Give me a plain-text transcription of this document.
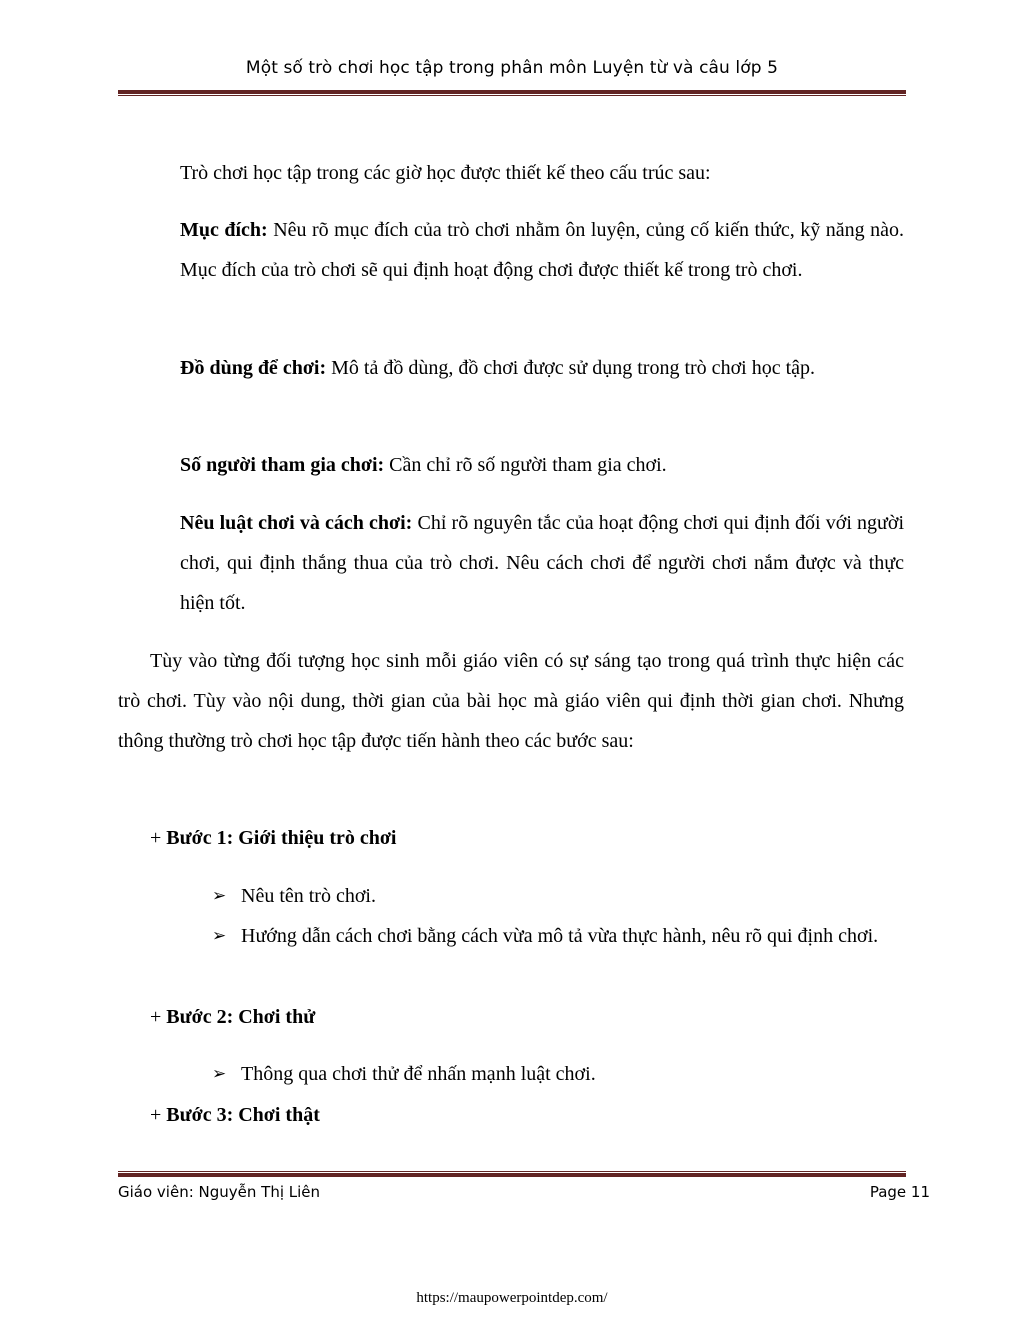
Một số trò chơi học tập trong phân môn Luyện từ và câu lớp 5

Trò chơi học tập trong các giờ học được thiết kế theo cấu trúc sau:

Mục đích: Nêu rõ mục đích của trò chơi nhằm ôn luyện, củng cố kiến thức, kỹ năng nào. Mục đích của trò chơi sẽ qui định hoạt động chơi được thiết kế trong trò chơi.

Đồ dùng để chơi: Mô tả đồ dùng, đồ chơi được sử dụng trong trò chơi học tập.

Số người tham gia chơi: Cần chỉ rõ số người tham gia chơi.

Nêu luật chơi và cách chơi: Chỉ rõ nguyên tắc của hoạt động chơi qui định đối với người chơi, qui định thắng thua của trò chơi. Nêu cách chơi để người chơi nắm được và thực hiện tốt.

Tùy vào từng đối tượng học sinh mỗi giáo viên có sự sáng tạo trong quá trình thực hiện các trò chơi. Tùy vào nội dung, thời gian của bài học mà giáo viên qui định thời gian chơi. Nhưng thông thường trò chơi học tập được tiến hành theo các bước sau:

+ Bước 1: Giới thiệu trò chơi

➢ Nêu tên trò chơi.

➢ Hướng dẫn cách chơi bằng cách vừa mô tả vừa thực hành, nêu rõ qui định chơi.

+ Bước 2: Chơi thử

➢ Thông qua chơi thử để nhấn mạnh luật chơi.

+ Bước 3: Chơi thật

Giáo viên: Nguyễn Thị Liên	Page 11
https://maupowerpointdep.com/
